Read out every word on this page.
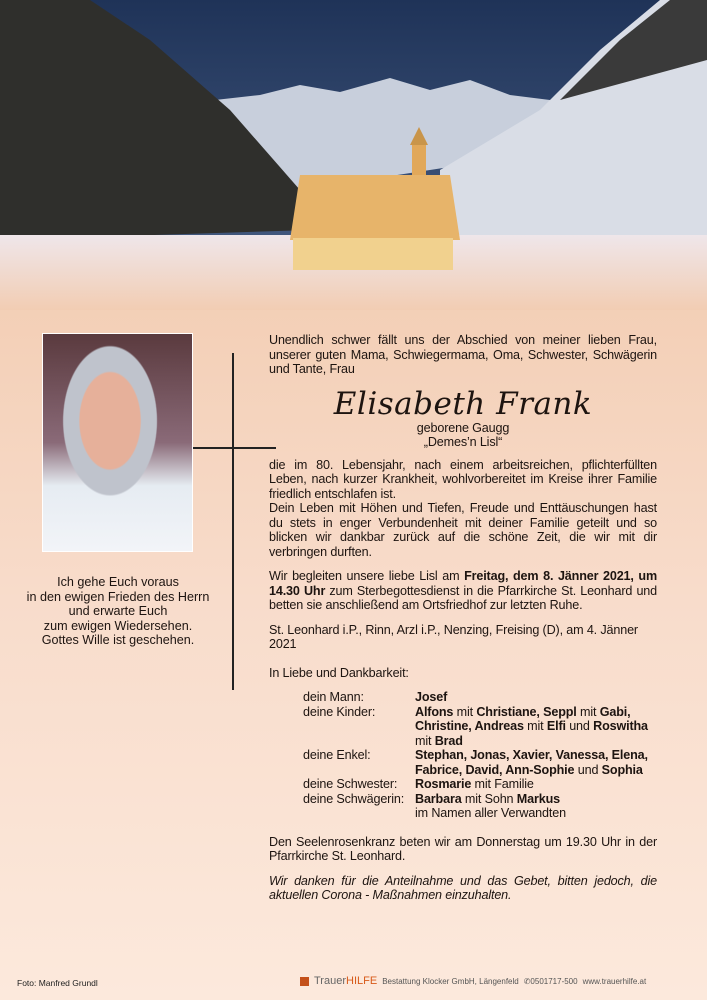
Ich gehe Euch voraus
in den ewigen Frieden des Herrn
und erwarte Euch
zum ewigen Wiedersehen.
Gottes Wille ist geschehen.

Unendlich schwer fällt uns der Abschied von meiner lieben Frau, unserer guten Mama, Schwiegermama, Oma, Schwester, Schwägerin und Tante, Frau

Elisabeth Frank
geborene Gaugg
„Demes’n Lisl“

die im 80. Lebensjahr, nach einem arbeitsreichen, pflichterfüllten Leben, nach kurzer Krankheit, wohlvorbereitet im Kreise ihrer Familie friedlich entschlafen ist.

Dein Leben mit Höhen und Tiefen, Freude und Enttäuschungen hast du stets in enger Verbundenheit mit deiner Familie geteilt und so blicken wir dankbar zurück auf die schöne Zeit, die wir mit dir verbringen durften.

Wir begleiten unsere liebe Lisl am Freitag, dem 8. Jänner 2021, um 14.30 Uhr zum Sterbegottesdienst in die Pfarrkirche St. Leonhard und betten sie anschließend am Ortsfriedhof zur letzten Ruhe.

St. Leonhard i.P., Rinn, Arzl i.P., Nenzing, Freising (D), am 4. Jänner 2021

In Liebe und Dankbarkeit:

dein Mann:	Josef
deine Kinder:	Alfons mit Christiane, Seppl mit Gabi, Christine, Andreas mit Elfi und Roswitha mit Brad
deine Enkel:	Stephan, Jonas, Xavier, Vanessa, Elena, Fabrice, David, Ann-Sophie und Sophia
deine Schwester:	Rosmarie mit Familie
deine Schwägerin: Barbara mit Sohn Markus
im Namen aller Verwandten

Den Seelenrosenkranz beten wir am Donnerstag um 19.30 Uhr in der Pfarrkirche St. Leonhard.

Wir danken für die Anteilnahme und das Gebet, bitten jedoch, die aktuellen Corona - Maßnahmen einzuhalten.

Foto: Manfred Grundl	TrauerHILFE Bestattung Klocker GmbH, Längenfeld ✆0501717-500 www.trauerhilfe.at
